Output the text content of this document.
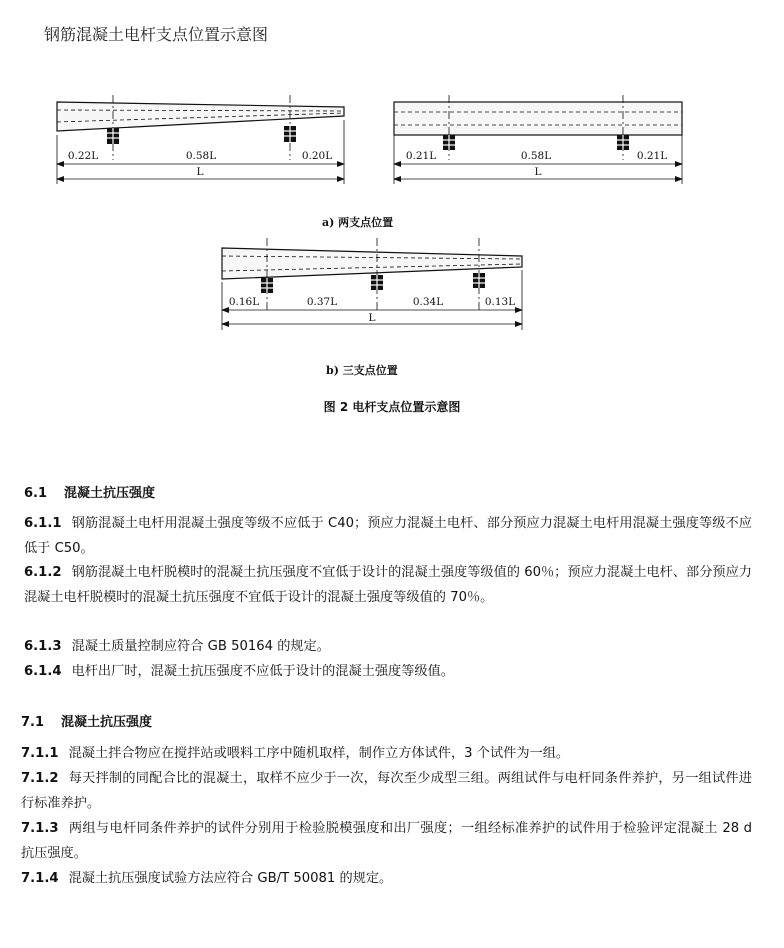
钢筋混凝土电杆支点位置示意图
0.22L	0.58L	0.20L
L
0.21L	0.58L	0.21L
L
0.16L	0.37L	0.34L	0.13L
L
a) 两支点位置
b) 三支点位置
图 2 电杆支点位置示意图
6.1 混凝土抗压强度
6.1.1 钢筋混凝土电杆用混凝土强度等级不应低于 C40；预应力混凝土电杆、部分预应力混凝土电杆用混凝土强度等级不应低于 C50。
6.1.2 钢筋混凝土电杆脱模时的混凝土抗压强度不宜低于设计的混凝土强度等级值的 60％；预应力混凝土电杆、部分预应力混凝土电杆脱模时的混凝土抗压强度不宜低于设计的混凝土强度等级值的 70％。
6.1.3 混凝土质量控制应符合 GB 50164 的规定。
6.1.4 电杆出厂时，混凝土抗压强度不应低于设计的混凝土强度等级值。
7.1 混凝土抗压强度
7.1.1 混凝土拌合物应在搅拌站或喂料工序中随机取样，制作立方体试件，3 个试件为一组。
7.1.2 每天拌制的同配合比的混凝土，取样不应少于一次，每次至少成型三组。两组试件与电杆同条件养护，另一组试件进行标准养护。
7.1.3 两组与电杆同条件养护的试件分别用于检验脱模强度和出厂强度；一组经标准养护的试件用于检验评定混凝土 28 d 抗压强度。
7.1.4 混凝土抗压强度试验方法应符合 GB/T 50081 的规定。
